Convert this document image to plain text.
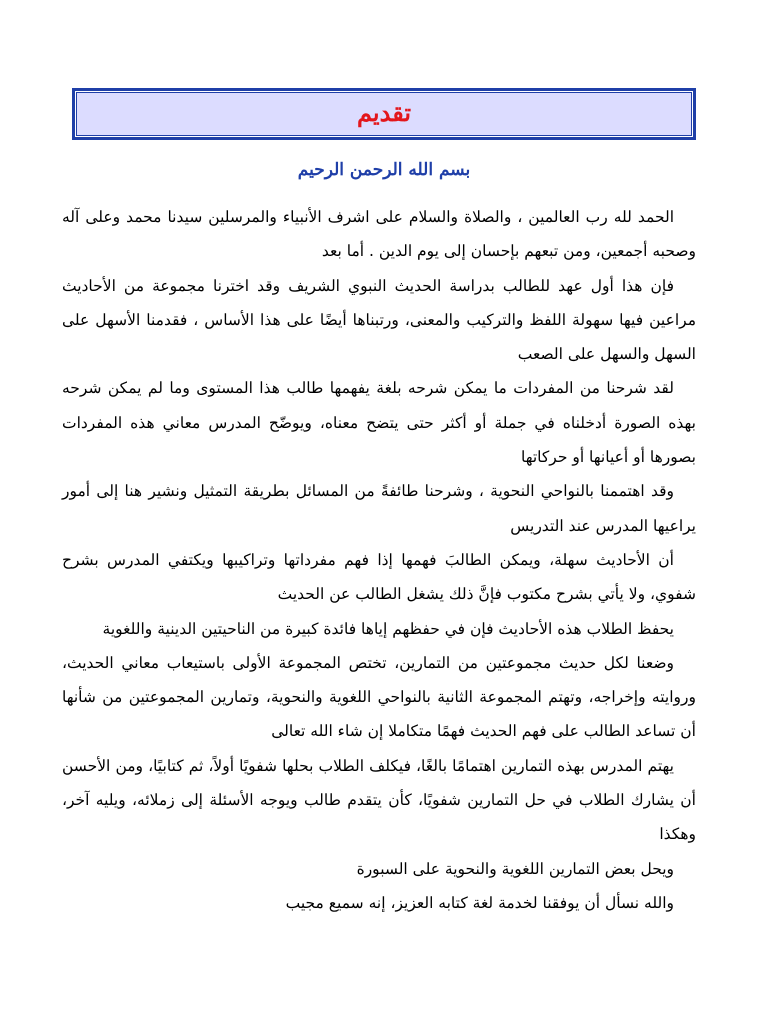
تقديم
بسم الله الرحمن الرحيم

الحمد لله رب العالمين ، والصلاة والسلام على اشرف الأنبياء والمرسلين سيدنا محمد وعلى آله وصحبه أجمعين، ومن تبعهم بإحسان إلى يوم الدين . أما بعد

فإن هذا أول عهد للطالب بدراسة الحديث النبوي الشريف وقد اخترنا مجموعة من الأحاديث مراعين فيها سهولة اللفظ والتركيب والمعنى، ورتبناها أيضًا على هذا الأساس ، فقدمنا الأسهل على السهل والسهل على الصعب

لقد شرحنا من المفردات ما يمكن شرحه بلغة يفهمها طالب هذا المستوى وما لم يمكن شرحه بهذه الصورة أدخلناه في جملة أو أكثر حتى يتضح معناه، ويوضّح المدرس معاني هذه المفردات بصورها أو أعيانها أو حركاتها

وقد اهتممنا بالنواحي النحوية ، وشرحنا طائفةً من المسائل بطريقة التمثيل ونشير هنا إلى أمور يراعيها المدرس عند التدريس

أن الأحاديث سهلة، ويمكن الطالبَ فهمها إذا فهم مفرداتها وتراكيبها ويكتفي المدرس بشرح شفوي، ولا يأتي بشرح مكتوب فإنَّ ذلك يشغل الطالب عن الحديث

يحفظ الطلاب هذه الأحاديث فإن في حفظهم إياها فائدة كبيرة من الناحيتين الدينية واللغوية

وضعنا لكل حديث مجموعتين من التمارين، تختص المجموعة الأولى باستيعاب معاني الحديث، وروايته وإخراجه، وتهتم المجموعة الثانية بالنواحي اللغوية والنحوية، وتمارين المجموعتين من شأنها أن تساعد الطالب على فهم الحديث فهمًا متكاملا إن شاء الله تعالى

يهتم المدرس بهذه التمارين اهتمامًا بالغًا، فيكلف الطلاب بحلها شفويًا أولاً، ثم كتابيًا، ومن الأحسن أن يشارك الطلاب في حل التمارين شفويًا، كأن يتقدم طالب ويوجه الأسئلة إلى زملائه، ويليه آخر، وهكذا

ويحل بعض التمارين اللغوية والنحوية على السبورة

والله نسأل أن يوفقنا لخدمة لغة كتابه العزيز، إنه سميع مجيب
